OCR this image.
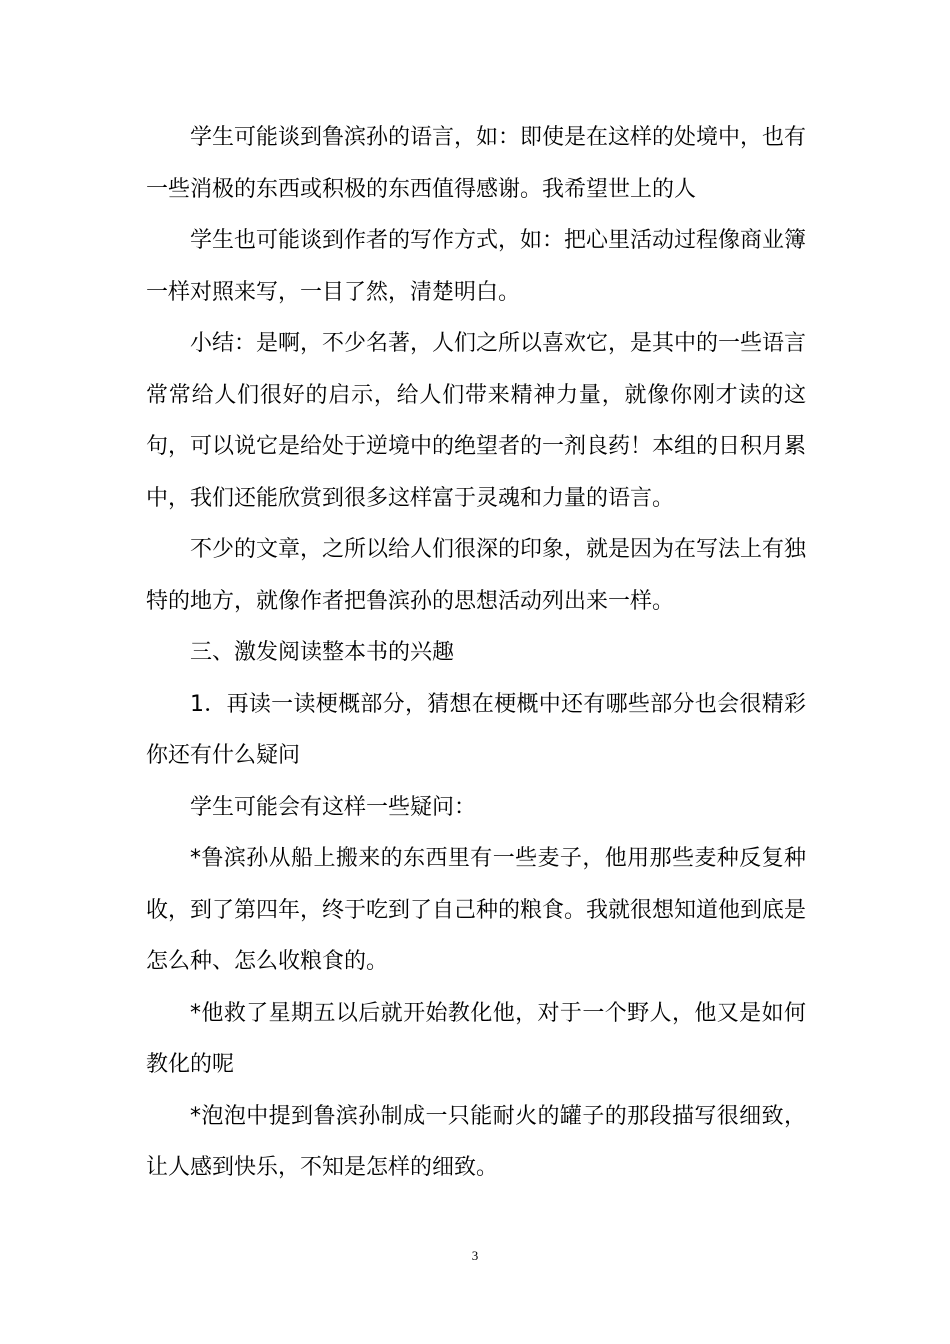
学生可能谈到鲁滨孙的语言，如：即使是在这样的处境中，也有一些消极的东西或积极的东西值得感谢。我希望世上的人

学生也可能谈到作者的写作方式，如：把心里活动过程像商业簿一样对照来写，一目了然，清楚明白。

小结：是啊，不少名著，人们之所以喜欢它，是其中的一些语言常常给人们很好的启示，给人们带来精神力量，就像你刚才读的这句，可以说它是给处于逆境中的绝望者的一剂良药！本组的日积月累中，我们还能欣赏到很多这样富于灵魂和力量的语言。

不少的文章，之所以给人们很深的印象，就是因为在写法上有独特的地方，就像作者把鲁滨孙的思想活动列出来一样。

三、激发阅读整本书的兴趣

1．再读一读梗概部分，猜想在梗概中还有哪些部分也会很精彩你还有什么疑问

学生可能会有这样一些疑问：

*鲁滨孙从船上搬来的东西里有一些麦子，他用那些麦种反复种收，到了第四年，终于吃到了自己种的粮食。我就很想知道他到底是怎么种、怎么收粮食的。

*他救了星期五以后就开始教化他，对于一个野人，他又是如何教化的呢

*泡泡中提到鲁滨孙制成一只能耐火的罐子的那段描写很细致，让人感到快乐，不知是怎样的细致。

3
